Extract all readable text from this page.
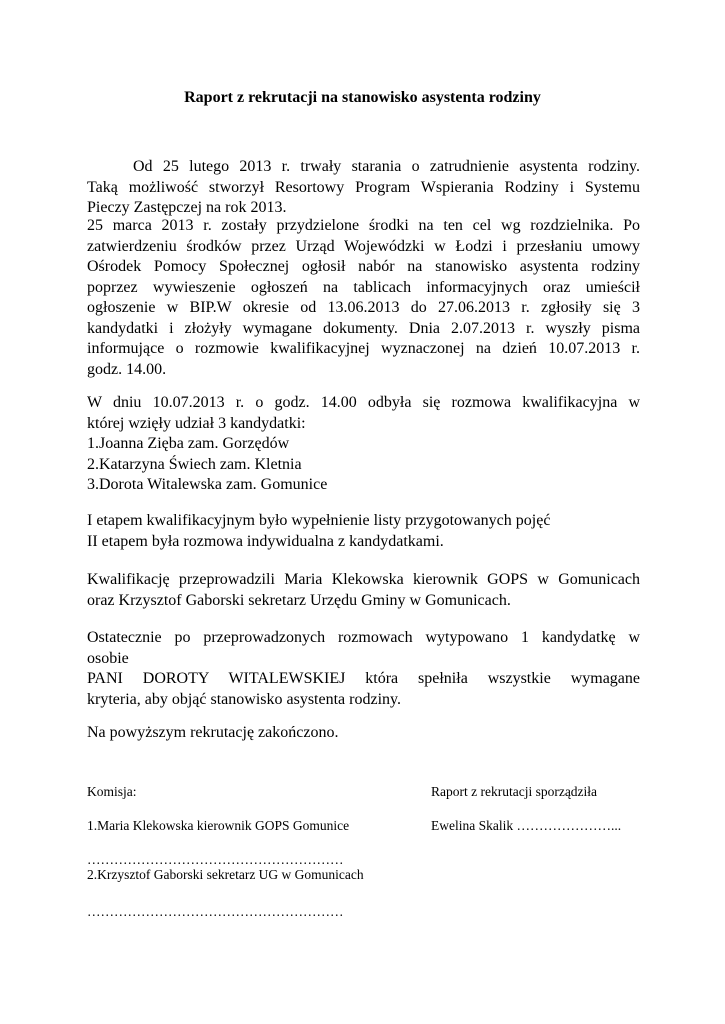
Raport z rekrutacji na stanowisko asystenta rodziny
Od 25 lutego 2013 r. trwały starania o zatrudnienie asystenta rodziny.
Taką możliwość stworzył Resortowy Program Wspierania Rodziny i Systemu
Pieczy Zastępczej na rok 2013.
25 marca 2013 r. zostały przydzielone środki na ten cel wg rozdzielnika. Po
zatwierdzeniu środków przez Urząd Wojewódzki w Łodzi i przesłaniu umowy
Ośrodek Pomocy Społecznej ogłosił nabór na stanowisko asystenta rodziny
poprzez wywieszenie ogłoszeń na tablicach informacyjnych oraz umieścił
ogłoszenie w BIP.W okresie od 13.06.2013 do 27.06.2013 r. zgłosiły się 3
kandydatki i złożyły wymagane dokumenty. Dnia 2.07.2013 r. wyszły pisma
informujące o rozmowie kwalifikacyjnej wyznaczonej na dzień 10.07.2013 r.
godz. 14.00.
W dniu 10.07.2013 r. o godz. 14.00 odbyła się rozmowa kwalifikacyjna w
której wzięły udział 3 kandydatki:
1.Joanna Zięba zam. Gorzędów
2.Katarzyna Świech zam. Kletnia
3.Dorota Witalewska zam. Gomunice
I etapem kwalifikacyjnym było wypełnienie listy przygotowanych pojęć
II etapem była rozmowa indywidualna z kandydatkami.
Kwalifikację przeprowadzili Maria Klekowska kierownik GOPS w Gomunicach
oraz Krzysztof Gaborski sekretarz Urzędu Gminy w Gomunicach.
Ostatecznie po przeprowadzonych rozmowach wytypowano 1 kandydatkę w
osobie
PANI DOROTY WITALEWSKIEJ która spełniła wszystkie wymagane
kryteria, aby objąć stanowisko asystenta rodziny.
Na powyższym rekrutację zakończono.
Komisja:
1.Maria Klekowska kierownik GOPS Gomunice
…………………………………………………
2.Krzysztof Gaborski sekretarz UG w Gomunicach
…………………………………………………
Raport z rekrutacji sporządziła
Ewelina Skalik …………………...
